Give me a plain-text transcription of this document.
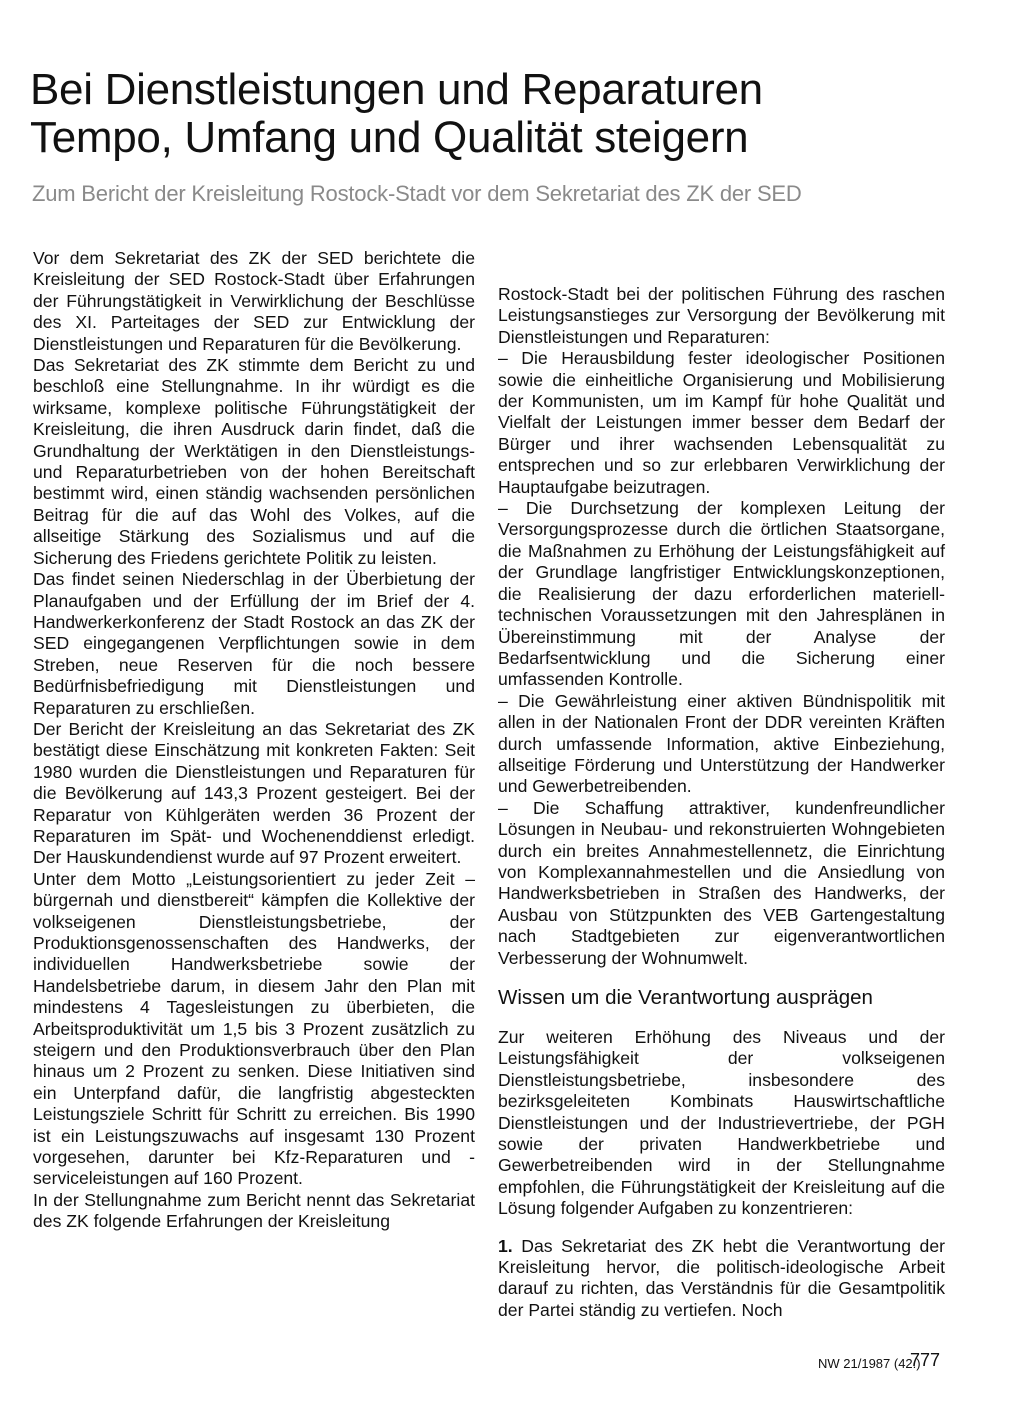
Bei Dienstleistungen und Reparaturen
Tempo, Umfang und Qualität steigern
Zum Bericht der Kreisleitung Rostock-Stadt vor dem Sekretariat des ZK der SED

Vor dem Sekretariat des ZK der SED berichtete die Kreisleitung der SED Rostock-Stadt über Erfahrungen der Führungstätigkeit in Verwirklichung der Beschlüsse des XI. Parteitages der SED zur Entwicklung der Dienstleistungen und Reparaturen für die Bevölkerung.

Das Sekretariat des ZK stimmte dem Bericht zu und beschloß eine Stellungnahme. In ihr würdigt es die wirksame, komplexe politische Führungstätigkeit der Kreisleitung, die ihren Ausdruck darin findet, daß die Grundhaltung der Werktätigen in den Dienstleistungs- und Reparaturbetrieben von der hohen Bereitschaft bestimmt wird, einen ständig wachsenden persönlichen Beitrag für die auf das Wohl des Volkes, auf die allseitige Stärkung des Sozialismus und auf die Sicherung des Friedens gerichtete Politik zu leisten.

Das findet seinen Niederschlag in der Überbietung der Planaufgaben und der Erfüllung der im Brief der 4. Handwerkerkonferenz der Stadt Rostock an das ZK der SED eingegangenen Verpflichtungen sowie in dem Streben, neue Reserven für die noch bessere Bedürfnisbefriedigung mit Dienstleistungen und Reparaturen zu erschließen.

Der Bericht der Kreisleitung an das Sekretariat des ZK bestätigt diese Einschätzung mit konkreten Fakten: Seit 1980 wurden die Dienstleistungen und Reparaturen für die Bevölkerung auf 143,3 Prozent gesteigert. Bei der Reparatur von Kühlgeräten werden 36 Prozent der Reparaturen im Spät- und Wochenenddienst erledigt. Der Hauskundendienst wurde auf 97 Prozent erweitert.

Unter dem Motto „Leistungsorientiert zu jeder Zeit – bürgernah und dienstbereit“ kämpfen die Kollektive der volkseigenen Dienstleistungsbetriebe, der Produktionsgenossenschaften des Handwerks, der individuellen Handwerksbetriebe sowie der Handelsbetriebe darum, in diesem Jahr den Plan mit mindestens 4 Tagesleistungen zu überbieten, die Arbeitsproduktivität um 1,5 bis 3 Prozent zusätzlich zu steigern und den Produktionsverbrauch über den Plan hinaus um 2 Prozent zu senken. Diese Initiativen sind ein Unterpfand dafür, die langfristig abgesteckten Leistungsziele Schritt für Schritt zu erreichen. Bis 1990 ist ein Leistungszuwachs auf insgesamt 130 Prozent vorgesehen, darunter bei Kfz-Reparaturen und -serviceleistungen auf 160 Prozent.

In der Stellungnahme zum Bericht nennt das Sekretariat des ZK folgende Erfahrungen der Kreisleitung

Rostock-Stadt bei der politischen Führung des raschen Leistungsanstieges zur Versorgung der Bevölkerung mit Dienstleistungen und Reparaturen:

– Die Herausbildung fester ideologischer Positionen sowie die einheitliche Organisierung und Mobilisierung der Kommunisten, um im Kampf für hohe Qualität und Vielfalt der Leistungen immer besser dem Bedarf der Bürger und ihrer wachsenden Lebensqualität zu entsprechen und so zur erlebbaren Verwirklichung der Hauptaufgabe beizutragen.

– Die Durchsetzung der komplexen Leitung der Versorgungsprozesse durch die örtlichen Staatsorgane, die Maßnahmen zu Erhöhung der Leistungsfähigkeit auf der Grundlage langfristiger Entwicklungskonzeptionen, die Realisierung der dazu erforderlichen materiell-technischen Voraussetzungen mit den Jahresplänen in Übereinstimmung mit der Analyse der Bedarfsentwicklung und die Sicherung einer umfassenden Kontrolle.

– Die Gewährleistung einer aktiven Bündnispolitik mit allen in der Nationalen Front der DDR vereinten Kräften durch umfassende Information, aktive Einbeziehung, allseitige Förderung und Unterstützung der Handwerker und Gewerbetreibenden.

– Die Schaffung attraktiver, kundenfreundlicher Lösungen in Neubau- und rekonstruierten Wohngebieten durch ein breites Annahmestellennetz, die Einrichtung von Komplexannahmestellen und die Ansiedlung von Handwerksbetrieben in Straßen des Handwerks, der Ausbau von Stützpunkten des VEB Gartengestaltung nach Stadtgebieten zur eigenverantwortlichen Verbesserung der Wohnumwelt.

Wissen um die Verantwortung ausprägen

Zur weiteren Erhöhung des Niveaus und der Leistungsfähigkeit der volkseigenen Dienstleistungsbetriebe, insbesondere des bezirksgeleiteten Kombinats Hauswirtschaftliche Dienstleistungen und der Industrievertriebe, der PGH sowie der privaten Handwerkbetriebe und Gewerbetreibenden wird in der Stellungnahme empfohlen, die Führungstätigkeit der Kreisleitung auf die Lösung folgender Aufgaben zu konzentrieren:

1. Das Sekretariat des ZK hebt die Verantwortung der Kreisleitung hervor, die politisch-ideologische Arbeit darauf zu richten, das Verständnis für die Gesamtpolitik der Partei ständig zu vertiefen. Noch

NW 21/1987 (42.)
777
